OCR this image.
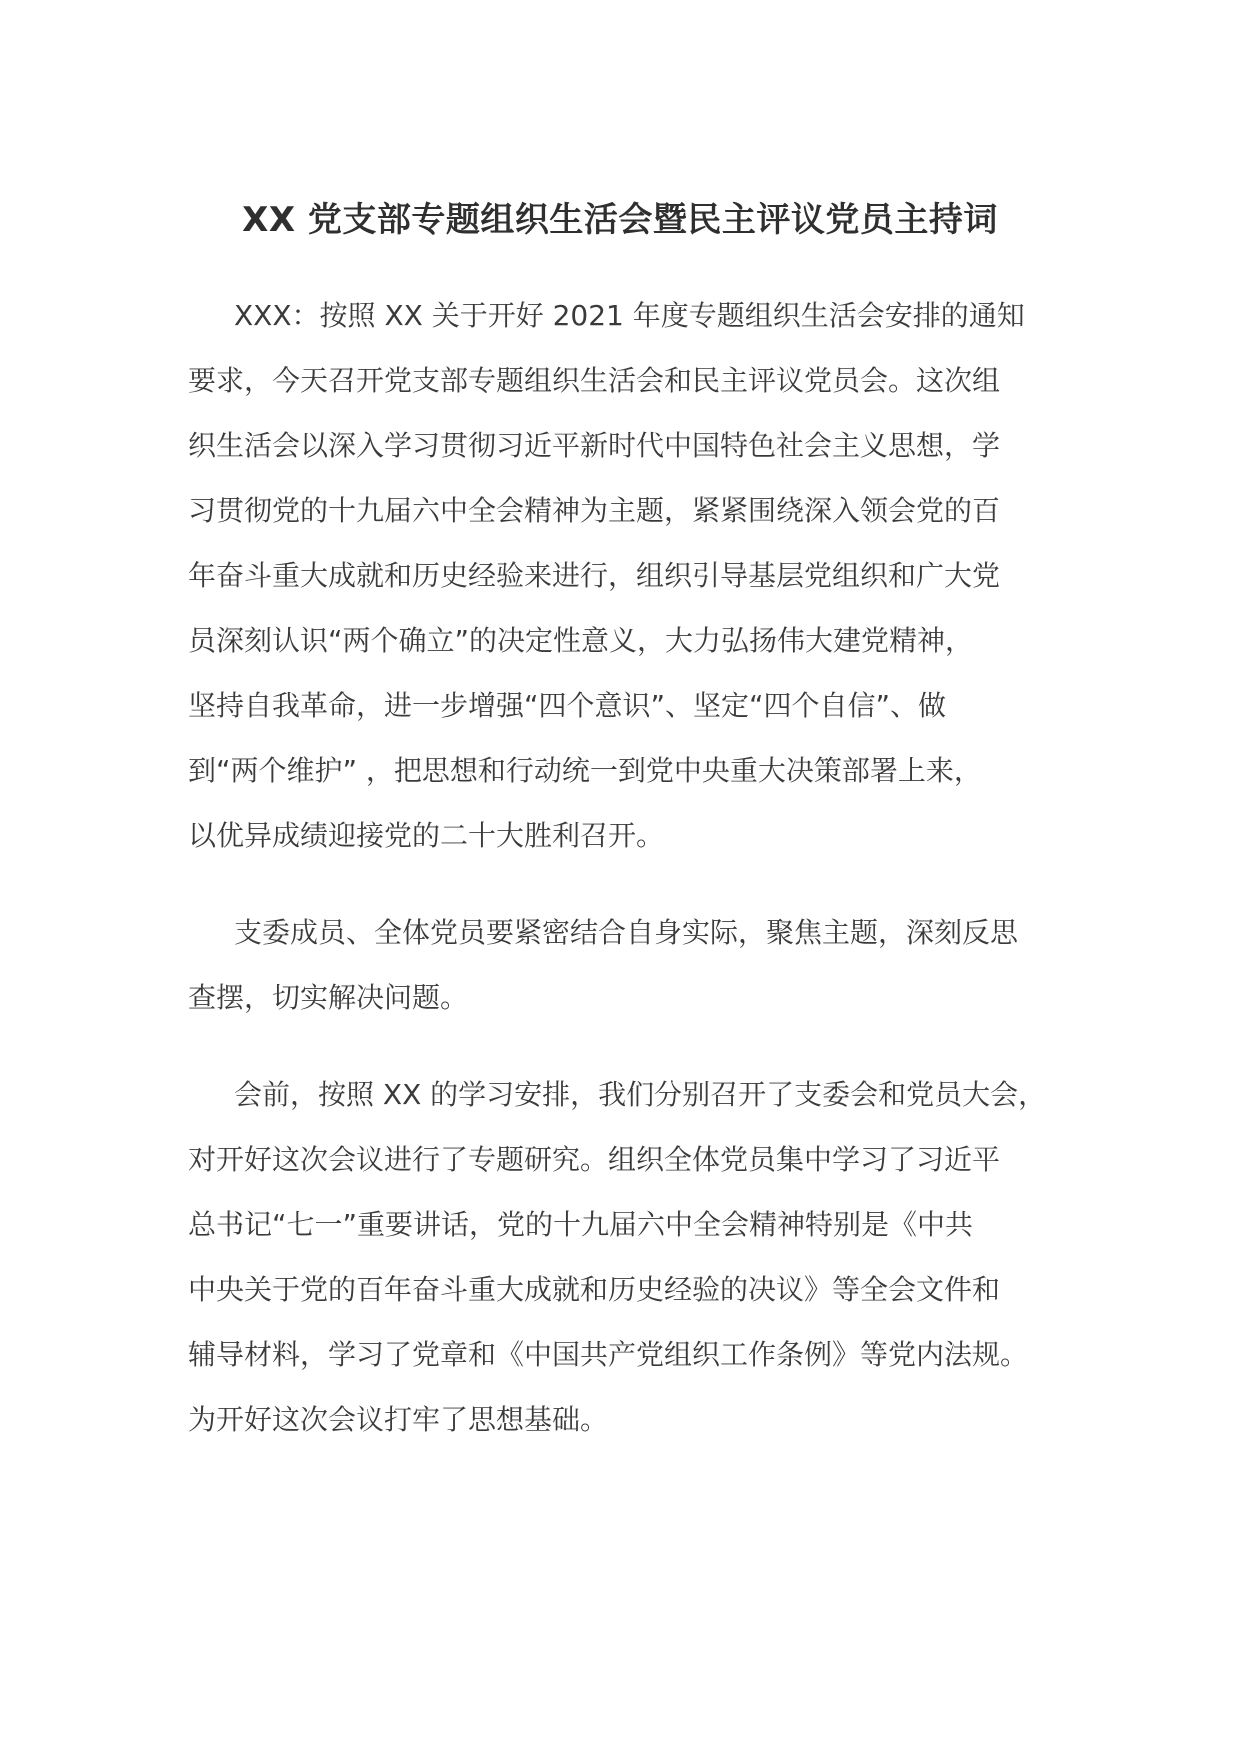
XX 党支部专题组织生活会暨民主评议党员主持词

XXX：按照 XX 关于开好 2021 年度专题组织生活会安排的通知
要求，今天召开党支部专题组织生活会和民主评议党员会。这次组
织生活会以深入学习贯彻习近平新时代中国特色社会主义思想，学
习贯彻党的十九届六中全会精神为主题，紧紧围绕深入领会党的百
年奋斗重大成就和历史经验来进行，组织引导基层党组织和广大党
员深刻认识“两个确立”的决定性意义，大力弘扬伟大建党精神，
坚持自我革命，进一步增强“四个意识”、坚定“四个自信”、做
到“两个维护” ，把思想和行动统一到党中央重大决策部署上来，
以优异成绩迎接党的二十大胜利召开。

支委成员、全体党员要紧密结合自身实际，聚焦主题，深刻反思
查摆，切实解决问题。

会前，按照 XX 的学习安排，我们分别召开了支委会和党员大会，
对开好这次会议进行了专题研究。组织全体党员集中学习了习近平
总书记“七一”重要讲话，党的十九届六中全会精神特别是《中共
中央关于党的百年奋斗重大成就和历史经验的决议》等全会文件和
辅导材料，学习了党章和《中国共产党组织工作条例》等党内法规。
为开好这次会议打牢了思想基础。
